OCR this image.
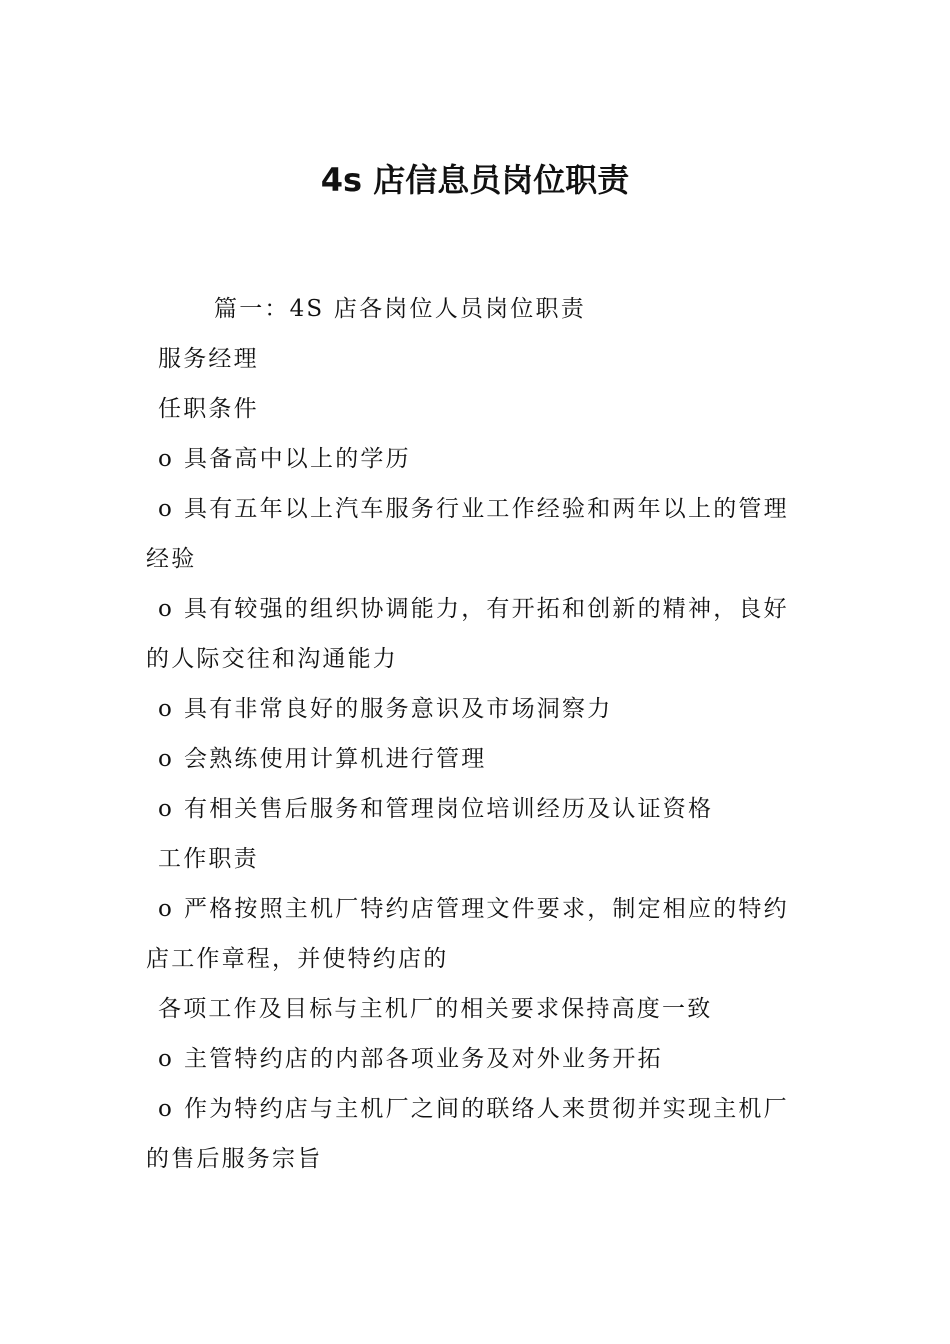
4s 店信息员岗位职责
篇一：4S 店各岗位人员岗位职责
服务经理
任职条件
o 具备高中以上的学历
o 具有五年以上汽车服务行业工作经验和两年以上的管理
经验
o 具有较强的组织协调能力，有开拓和创新的精神，良好
的人际交往和沟通能力
o 具有非常良好的服务意识及市场洞察力
o 会熟练使用计算机进行管理
o 有相关售后服务和管理岗位培训经历及认证资格
工作职责
o 严格按照主机厂特约店管理文件要求，制定相应的特约
店工作章程，并使特约店的
各项工作及目标与主机厂的相关要求保持高度一致
o 主管特约店的内部各项业务及对外业务开拓
o 作为特约店与主机厂之间的联络人来贯彻并实现主机厂
的售后服务宗旨
